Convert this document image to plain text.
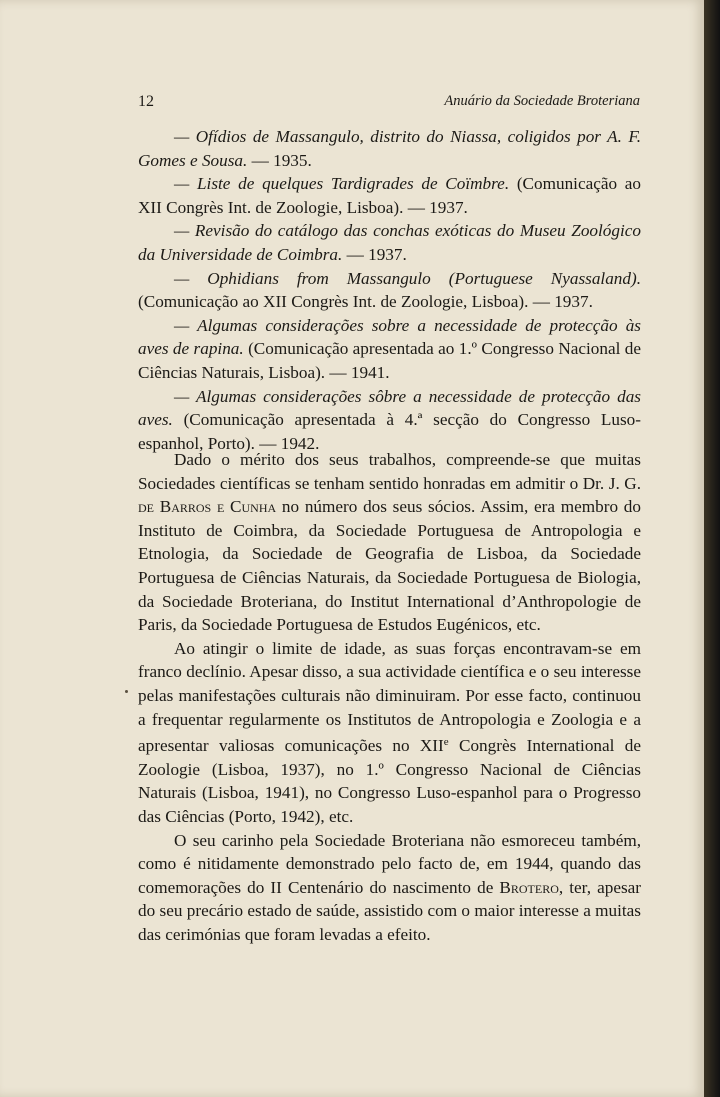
12	Anuário da Sociedade Broteriana

— Ofídios de Massangulo, distrito do Niassa, coligidos por A. F. Gomes e Sousa. — 1935.

— Liste de quelques Tardigrades de Coïmbre. (Comunicação ao XII Congrès Int. de Zoologie, Lisboa). — 1937.

— Revisão do catálogo das conchas exóticas do Museu Zoológico da Universidade de Coimbra. — 1937.

— Ophidians from Massangulo (Portuguese Nyassaland). (Comunicação ao XII Congrès Int. de Zoologie, Lisboa). — 1937.

— Algumas considerações sobre a necessidade de protecção às aves de rapina. (Comunicação apresentada ao 1.º Congresso Nacional de Ciências Naturais, Lisboa). — 1941.

— Algumas considerações sôbre a necessidade de protecção das aves. (Comunicação apresentada à 4.ª secção do Congresso Luso-espanhol, Porto). — 1942.

Dado o mérito dos seus trabalhos, compreende-se que muitas Sociedades científicas se tenham sentido honradas em admitir o Dr. J. G. de Barros e Cunha no número dos seus sócios. Assim, era membro do Instituto de Coimbra, da Sociedade Portuguesa de Antropologia e Etnologia, da Sociedade de Geografia de Lisboa, da Sociedade Portuguesa de Ciências Naturais, da Sociedade Portuguesa de Biologia, da Sociedade Broteriana, do Institut International d’Anthropologie de Paris, da Sociedade Portuguesa de Estudos Eugénicos, etc.

Ao atingir o limite de idade, as suas forças encontravam-se em franco declínio. Apesar disso, a sua actividade científica e o seu interesse pelas manifestações culturais não diminuiram. Por esse facto, continuou a frequentar regularmente os Institutos de Antropologia e Zoologia e a apresentar valiosas comunicações no XIIe Congrès International de Zoologie (Lisboa, 1937), no 1.º Congresso Nacional de Ciências Naturais (Lisboa, 1941), no Congresso Luso-espanhol para o Progresso das Ciências (Porto, 1942), etc.

O seu carinho pela Sociedade Broteriana não esmoreceu também, como é nitidamente demonstrado pelo facto de, em 1944, quando das comemorações do II Centenário do nascimento de Brotero, ter, apesar do seu precário estado de saúde, assistido com o maior interesse a muitas das cerimónias que foram levadas a efeito.
